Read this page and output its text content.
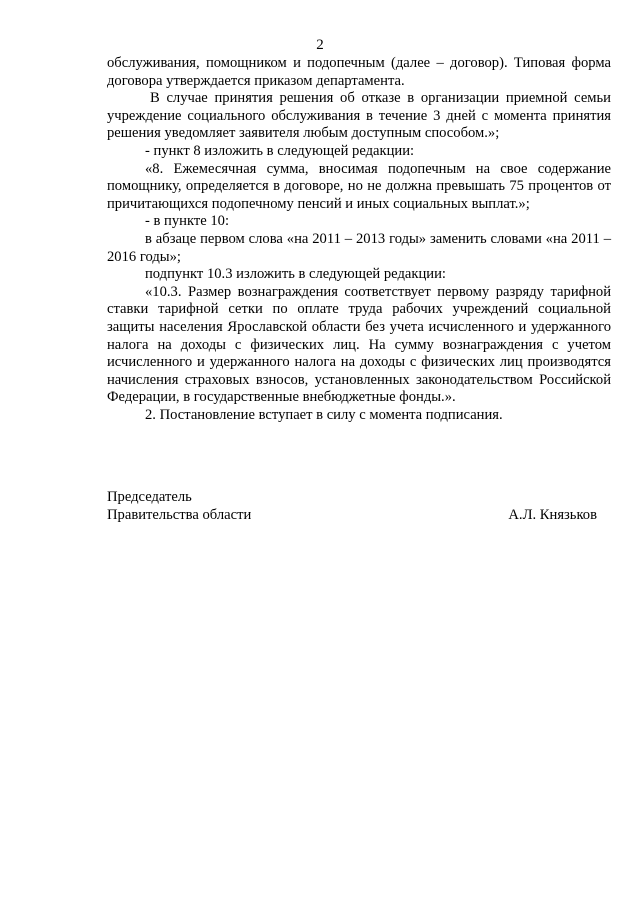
2

обслуживания, помощником и подопечным (далее – договор). Типовая форма договора утверждается приказом департамента.

В случае принятия решения об отказе в организации приемной семьи учреждение социального обслуживания в течение 3 дней с момента принятия решения уведомляет заявителя любым доступным способом.»;

- пункт 8 изложить в следующей редакции:

«8. Ежемесячная сумма, вносимая подопечным на свое содержание помощнику, определяется в договоре, но не должна превышать 75 процентов от причитающихся подопечному пенсий и иных социальных выплат.»;

- в пункте 10:

в абзаце первом слова «на 2011 – 2013 годы» заменить словами «на 2011 – 2016 годы»;

подпункт 10.3 изложить в следующей редакции:

«10.3. Размер вознаграждения соответствует первому разряду тарифной ставки тарифной сетки по оплате труда рабочих учреждений социальной защиты населения Ярославской области без учета исчисленного и удержанного налога на доходы с физических лиц. На сумму вознаграждения с учетом исчисленного и удержанного налога на доходы с физических лиц производятся начисления страховых взносов, установленных законодательством Российской Федерации, в государственные внебюджетные фонды.».

2. Постановление вступает в силу с момента подписания.

Председатель
Правительства области	А.Л. Князьков
